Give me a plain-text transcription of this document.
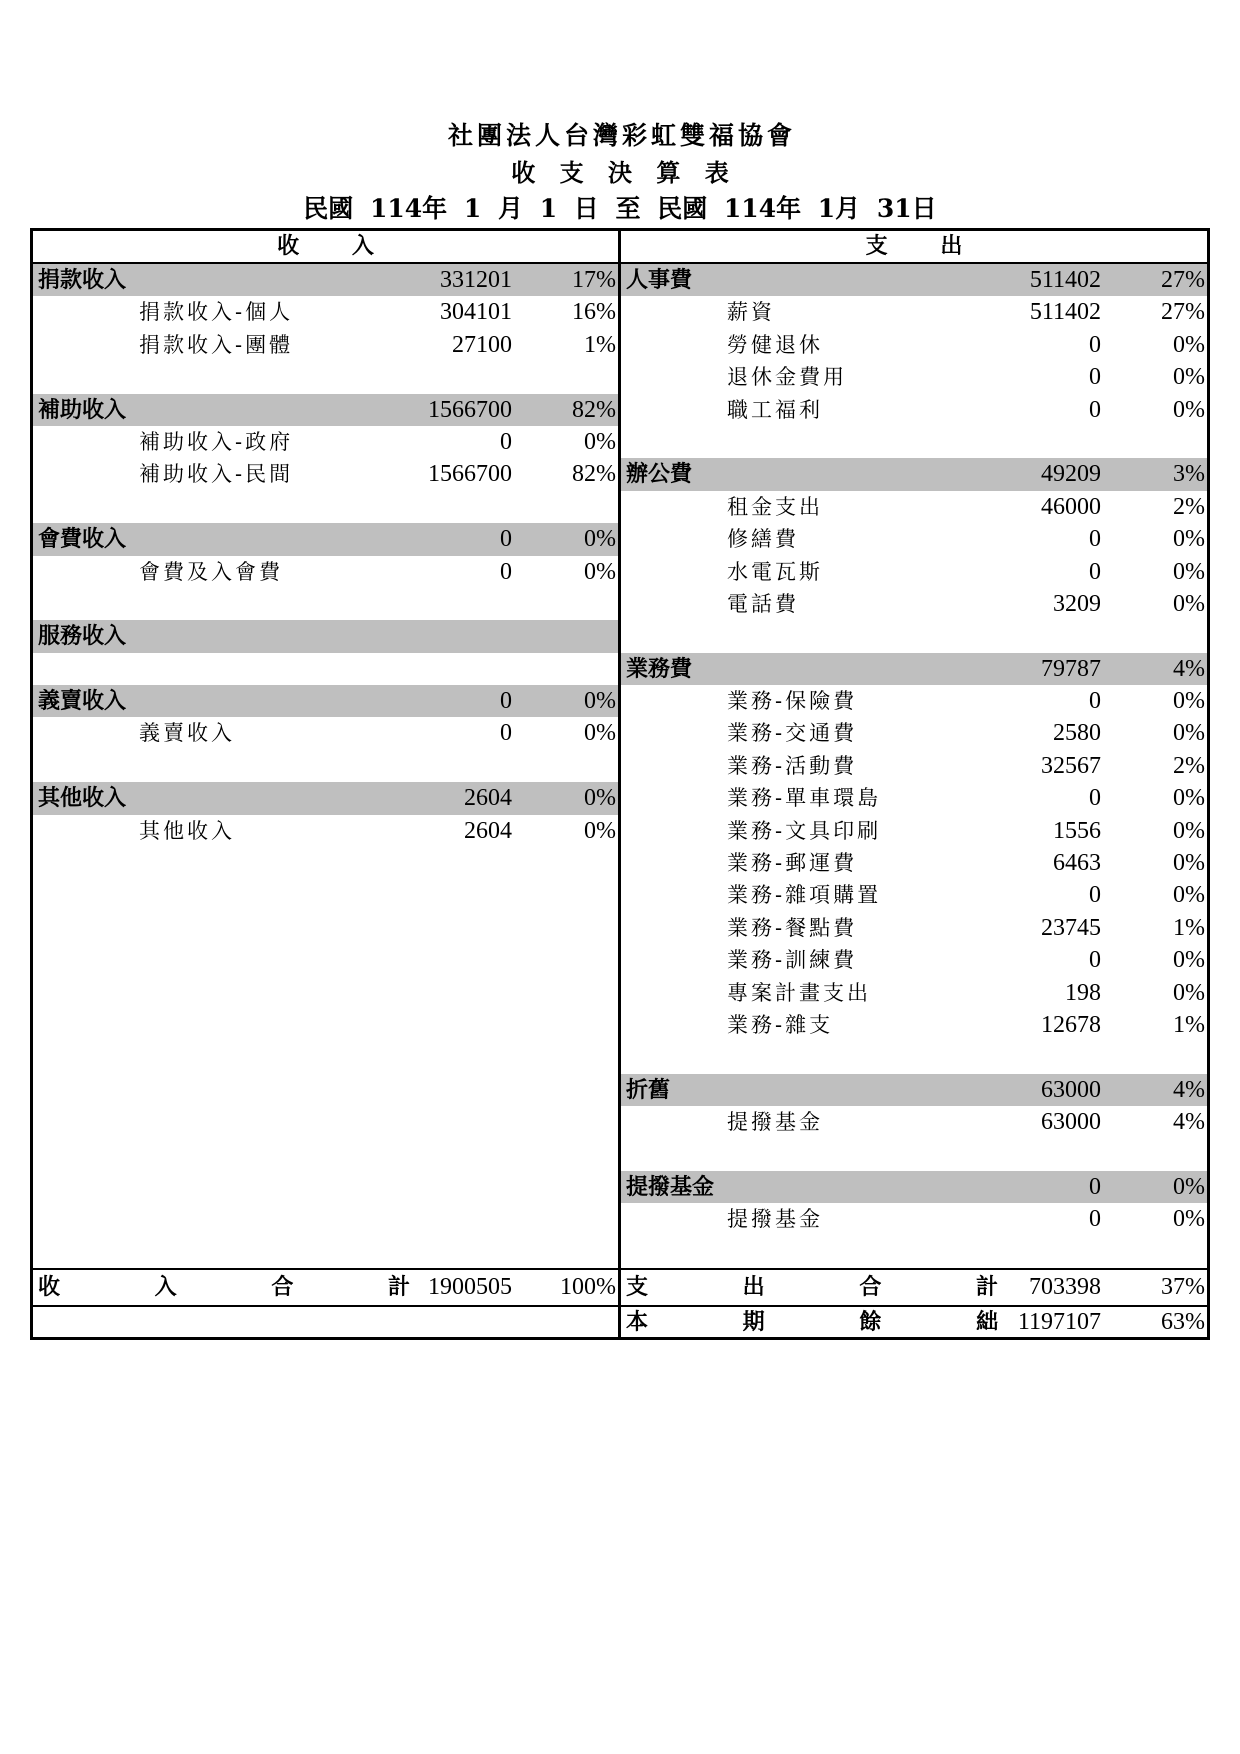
社團法人台灣彩虹雙福協會
收 支 決 算 表
民國 114年 1 月 1 日 至 民國 114年 1月 31日
收 入
捐款收入	331201	17%
捐款收入-個人	304101	16%
捐款收入-團體	27100	1%
補助收入	1566700	82%
補助收入-政府	0	0%
補助收入-民間	1566700	82%
會費收入	0	0%
會費及入會費	0	0%
服務收入
義賣收入	0	0%
義賣收入	0	0%
其他收入	2604	0%
其他收入	2604	0%
收	入	合	計 1900505 100%
支 出
人事費	511402	27%
薪資	511402	27%
勞健退休	0	0%
退休金費用	0	0%
職工福利	0	0%
辦公費	49209	3%
租金支出	46000	2%
修繕費	0	0%
水電瓦斯	0	0%
電話費	3209	0%
業務費	79787	4%
業務-保險費	0	0%
業務-交通費	2580	0%
業務-活動費	32567	2%
業務-單車環島	0	0%
業務-文具印刷	1556	0%
業務-郵運費	6463	0%
業務-雜項購置	0	0%
業務-餐點費	23745	1%
業務-訓練費	0	0%
專案計畫支出	198	0%
業務-雜支	12678	1%
折舊	63000	4%
提撥基金	63000	4%
提撥基金	0	0%
提撥基金	0	0%
支	出	合	計 703398	37%
本	期	餘	絀 1197107	63%
